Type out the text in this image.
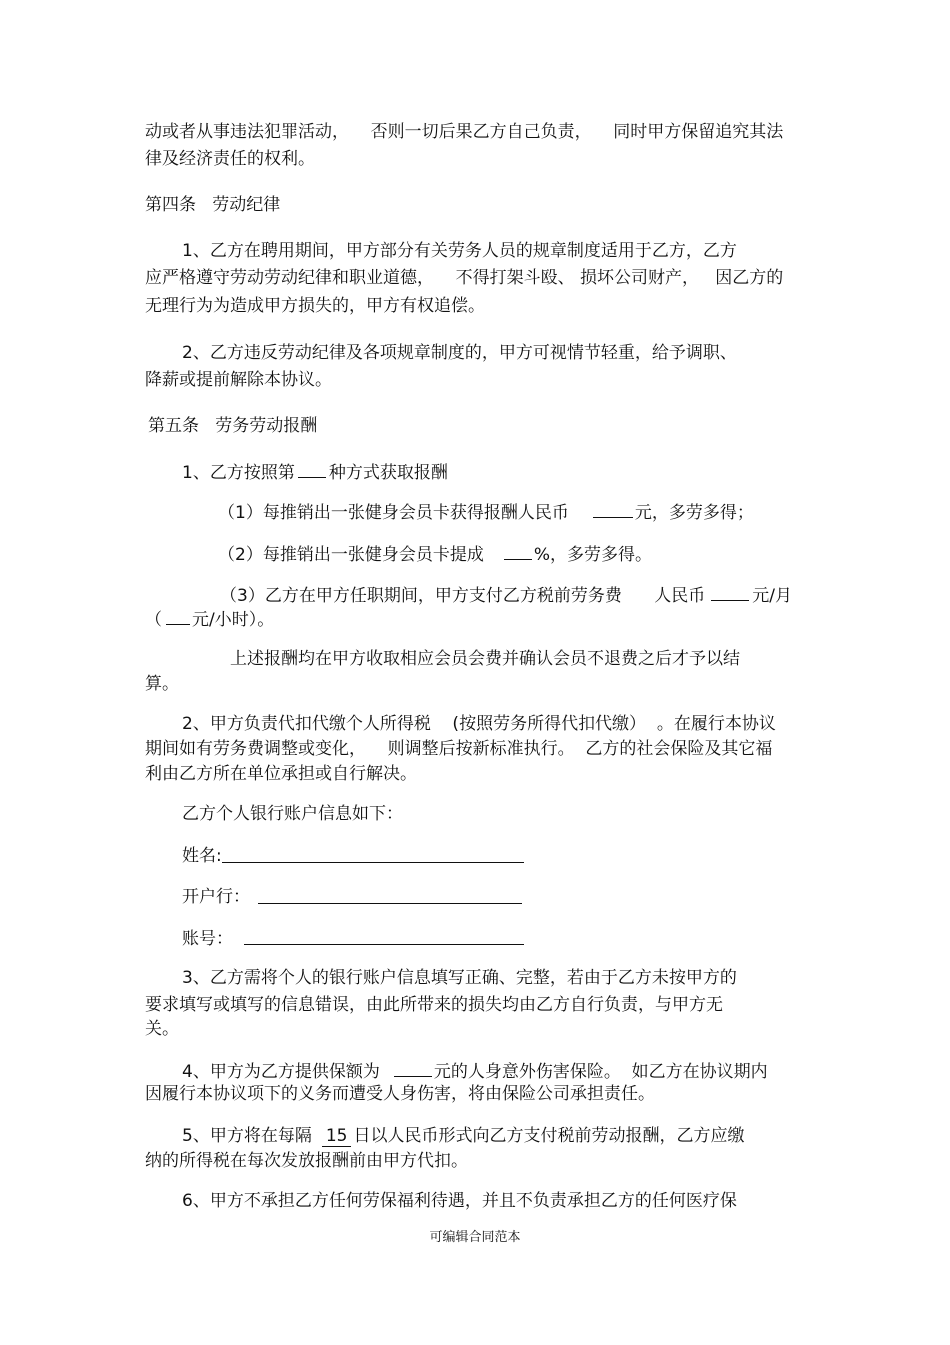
动或者从事违法犯罪活动，    否则一切后果乙方自己负责，    同时甲方保留追究其法
律及经济责任的权利。
第四条   劳动纪律
1、乙方在聘用期间，甲方部分有关劳务人员的规章制度适用于乙方，乙方
应严格遵守劳动劳动纪律和职业道德，    不得打架斗殴、 损坏公司财产，   因乙方的
无理行为为造成甲方损失的，甲方有权追偿。
2、乙方违反劳动纪律及各项规章制度的，甲方可视情节轻重，给予调职、
降薪或提前解除本协议。
第五条   劳务劳动报酬
1、乙方按照第 种方式获取报酬
（1）每推销出一张健身会员卡获得报酬人民币	元，多劳多得；
（2）每推销出一张健身会员卡提成	%，多劳多得。
（3）乙方在甲方任职期间，甲方支付乙方税前劳务费      人民币	元/月
（ 元/小时）。
上述报酬均在甲方收取相应会员会费并确认会员不退费之后才予以结
算。
2、甲方负责代扣代缴个人所得税    (按照劳务所得代扣代缴）  。在履行本协议
期间如有劳务费调整或变化，    则调整后按新标准执行。  乙方的社会保险及其它福
利由乙方所在单位承担或自行解决。
乙方个人银行账户信息如下：
姓名:
开户行：
账号：
3、乙方需将个人的银行账户信息填写正确、完整，若由于乙方未按甲方的
要求填写或填写的信息错误，由此所带来的损失均由乙方自行负责，与甲方无
关。
4、甲方为乙方提供保额为	元的人身意外伤害保险。  如乙方在协议期内
因履行本协议项下的义务而遭受人身伤害，将由保险公司承担责任。
5、甲方将在每隔 15 日以人民币形式向乙方支付税前劳动报酬，乙方应缴
纳的所得税在每次发放报酬前由甲方代扣。
6、甲方不承担乙方任何劳保福利待遇，并且不负责承担乙方的任何医疗保
可编辑合同范本
